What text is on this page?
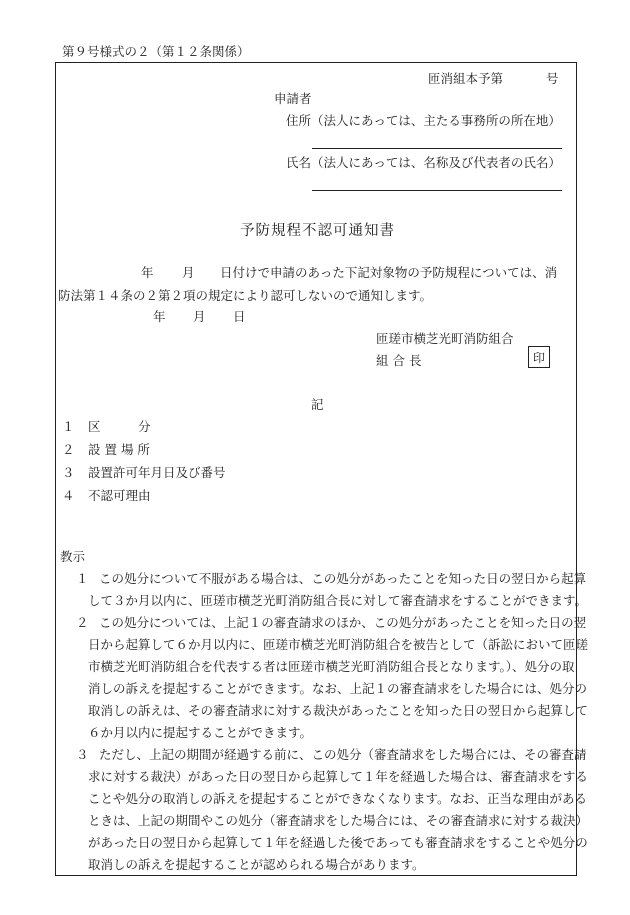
第９号様式の２（第１２条関係）
匝消組本予第	号
申請者
住所（法人にあっては、主たる事務所の所在地）
氏名（法人にあっては、名称及び代表者の氏名）
予防規程不認可通知書
年 月 日付けで申請のあった下記対象物の予防規程については、消
防法第１４条の２第２項の規定により認可しないので通知します。
年 月 日
匝瑳市横芝光町消防組合
組 合 長	印
記
１ 区　　　分
２ 設 置 場 所
３ 設置許可年月日及び番号
４ 不認可理由
教示
１ この処分について不服がある場合は、この処分があったことを知った日の翌日から起算
して３か月以内に、匝瑳市横芝光町消防組合長に対して審査請求をすることができます。
２ この処分については、上記１の審査請求のほか、この処分があったことを知った日の翌
日から起算して６か月以内に、匝瑳市横芝光町消防組合を被告として（訴訟において匝瑳
市横芝光町消防組合を代表する者は匝瑳市横芝光町消防組合長となります。）、処分の取
消しの訴えを提起することができます。なお、上記１の審査請求をした場合には、処分の
取消しの訴えは、その審査請求に対する裁決があったことを知った日の翌日から起算して
６か月以内に提起することができます。
３ ただし、上記の期間が経過する前に、この処分（審査請求をした場合には、その審査請
求に対する裁決）があった日の翌日から起算して１年を経過した場合は、審査請求をする
ことや処分の取消しの訴えを提起することができなくなります。なお、正当な理由がある
ときは、上記の期間やこの処分（審査請求をした場合には、その審査請求に対する裁決）
があった日の翌日から起算して１年を経過した後であっても審査請求をすることや処分の
取消しの訴えを提起することが認められる場合があります。
